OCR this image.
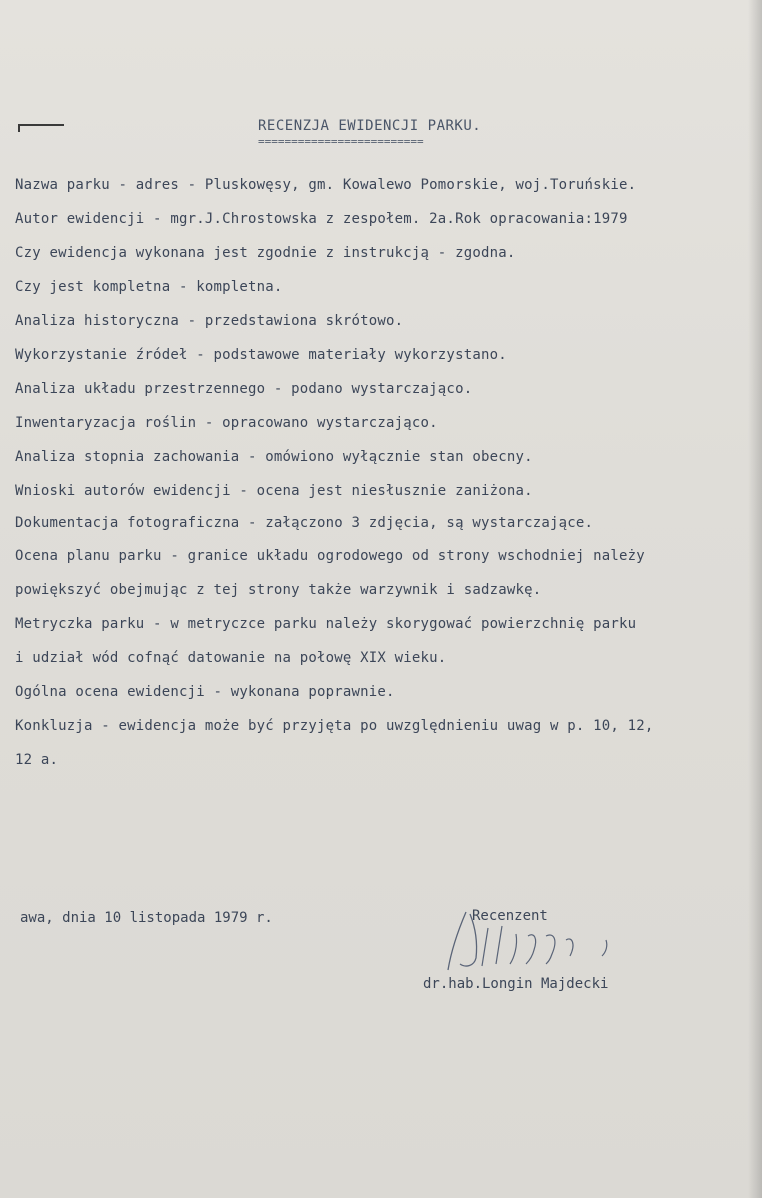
RECENZJA EWIDENCJI PARKU.
=========================
Nazwa parku - adres - Pluskowęsy, gm. Kowalewo Pomorskie, woj.Toruńskie.
Autor ewidencji - mgr.J.Chrostowska z zespołem. 2a.Rok opracowania:1979
Czy ewidencja wykonana jest zgodnie z instrukcją - zgodna.
Czy jest kompletna - kompletna.
Analiza historyczna - przedstawiona skrótowo.
Wykorzystanie źródeł - podstawowe materiały wykorzystano.
Analiza układu przestrzennego - podano wystarczająco.
Inwentaryzacja roślin - opracowano wystarczająco.
Analiza stopnia zachowania - omówiono wyłącznie stan obecny.
Wnioski autorów ewidencji - ocena jest niesłusznie zaniżona.
Dokumentacja fotograficzna - załączono 3 zdjęcia, są wystarczające.
Ocena planu parku - granice układu ogrodowego od strony wschodniej należy
powiększyć obejmując z tej strony także warzywnik i sadzawkę.
Metryczka parku - w metryczce parku należy skorygować powierzchnię parku
i udział wód cofnąć datowanie na połowę XIX wieku.
Ogólna ocena ewidencji - wykonana poprawnie.
Konkluzja - ewidencja może być przyjęta po uwzględnieniu uwag w p. 10, 12,
12 a.
awa, dnia 10 listopada 1979 r.	Recenzent
dr.hab.Longin Majdecki
